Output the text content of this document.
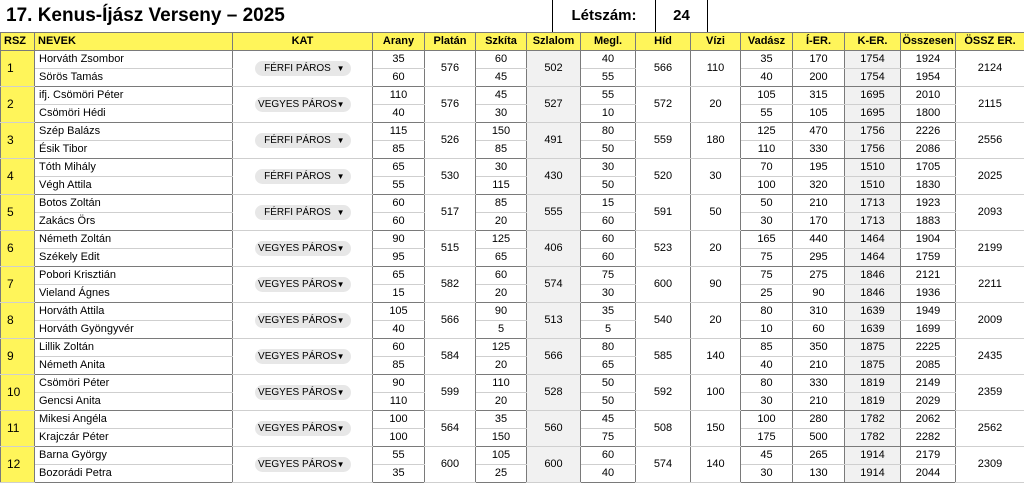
17. Kenus-Íjász Verseny – 2025	Létszám:	24
RSZ	NEVEK	KAT	Arany	Platán	Szkíta	Szlalom	Megl.	Híd	Vízi	Vadász	Í-ER.	K-ER.	Összesen	ÖSSZ ER.
1	Horváth Zsombor	FÉRFI PÁROS ▼	35	576	60	502	40	566	110	35	170	1754	1924	2124
	Sörös Tamás		60		45		55			40	200	1754	1954	
2	ifj. Csömöri Péter	VEGYES PÁROS ▼	110	576	45	527	55	572	20	105	315	1695	2010	2115
	Csömöri Hédi		40		30		10			55	105	1695	1800	
3	Szép Balázs	FÉRFI PÁROS ▼	115	526	150	491	80	559	180	125	470	1756	2226	2556
	Ésik Tibor		85		85		50			110	330	1756	2086	
4	Tóth Mihály	FÉRFI PÁROS ▼	65	530	30	430	30	520	30	70	195	1510	1705	2025
	Végh Attila		55		115		50			100	320	1510	1830	
5	Botos Zoltán	FÉRFI PÁROS ▼	60	517	85	555	15	591	50	50	210	1713	1923	2093
	Zakács Örs		60		20		60			30	170	1713	1883	
6	Németh Zoltán	VEGYES PÁROS ▼	90	515	125	406	60	523	20	165	440	1464	1904	2199
	Székely Edit		95		65		60			75	295	1464	1759	
7	Pobori Krisztián	VEGYES PÁROS ▼	65	582	60	574	75	600	90	75	275	1846	2121	2211
	Vieland Ágnes		15		20		30			25	90	1846	1936	
8	Horváth Attila	VEGYES PÁROS ▼	105	566	90	513	35	540	20	80	310	1639	1949	2009
	Horváth Gyöngyvér		40		5		5			10	60	1639	1699	
9	Lillik Zoltán	VEGYES PÁROS ▼	60	584	125	566	80	585	140	85	350	1875	2225	2435
	Németh Anita		85		20		65			40	210	1875	2085	
10	Csömöri Péter	VEGYES PÁROS ▼	90	599	110	528	50	592	100	80	330	1819	2149	2359
	Gencsi Anita		110		20		50			30	210	1819	2029	
11	Mikesi Angéla	VEGYES PÁROS ▼	100	564	35	560	45	508	150	100	280	1782	2062	2562
	Krajczár Péter		100		150		75			175	500	1782	2282	
12	Barna György	VEGYES PÁROS ▼	55	600	105	600	60	574	140	45	265	1914	2179	2309
	Bozorádi Petra		35		25		40			30	130	1914	2044	
